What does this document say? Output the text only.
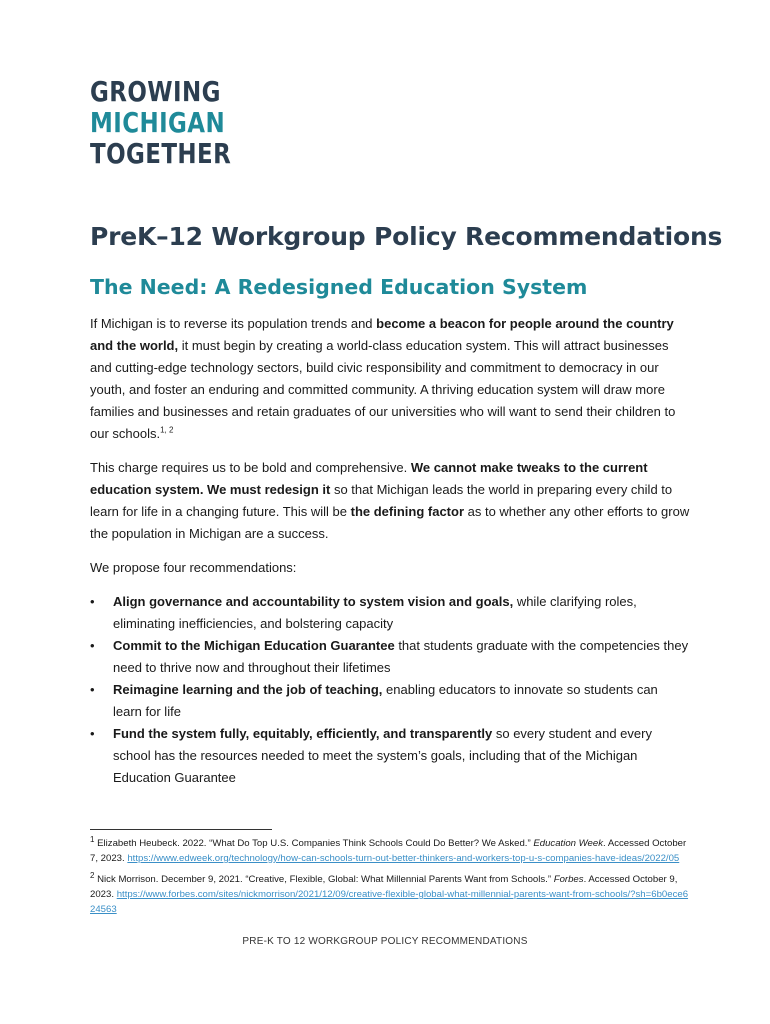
GROWING
MICHIGAN
TOGETHER
PreK–12 Workgroup Policy Recommendations
The Need: A Redesigned Education System

If Michigan is to reverse its population trends and become a beacon for people around the country and the world, it must begin by creating a world-class education system. This will attract businesses and cutting-edge technology sectors, build civic responsibility and commitment to democracy in our youth, and foster an enduring and committed community. A thriving education system will draw more families and businesses and retain graduates of our universities who will want to send their children to our schools.$^{1, 2}$

This charge requires us to be bold and comprehensive. We cannot make tweaks to the current education system. We must redesign it so that Michigan leads the world in preparing every child to learn for life in a changing future. This will be the defining factor as to whether any other efforts to grow the population in Michigan are a success.

We propose four recommendations:

• Align governance and accountability to system vision and goals, while clarifying roles, eliminating inefficiencies, and bolstering capacity
• Commit to the Michigan Education Guarantee that students graduate with the competencies they need to thrive now and throughout their lifetimes
• Reimagine learning and the job of teaching, enabling educators to innovate so students can learn for life
• Fund the system fully, equitably, efficiently, and transparently so every student and every school has the resources needed to meet the system’s goals, including that of the Michigan Education Guarantee

$^1$ Elizabeth Heubeck. 2022. “What Do Top U.S. Companies Think Schools Could Do Better? We Asked.” Education Week. Accessed October 7, 2023. https://www.edweek.org/technology/how-can-schools-turn-out-better-thinkers-and-workers-top-u-s-companies-have-ideas/2022/05

$^2$ Nick Morrison. December 9, 2021. “Creative, Flexible, Global: What Millennial Parents Want from Schools.” Forbes. Accessed October 9, 2023. https://www.forbes.com/sites/nickmorrison/2021/12/09/creative-flexible-global-what-millennial-parents-want-from-schools/?sh=6b0ece624563

PRE-K TO 12 WORKGROUP POLICY RECOMMENDATIONS
